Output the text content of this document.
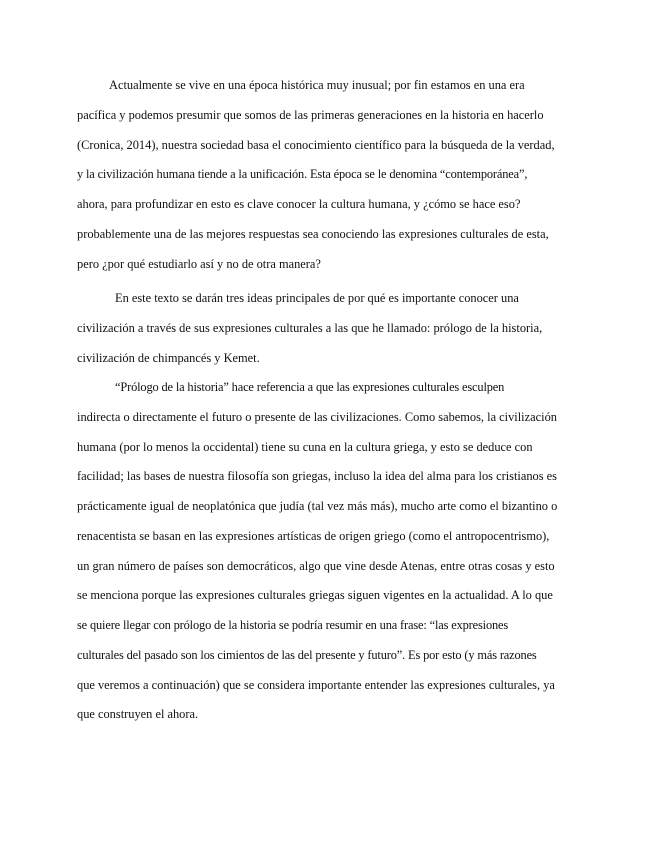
Actualmente se vive en una época histórica muy inusual; por fin estamos en una era
pacífica y podemos presumir que somos de las primeras generaciones en la historia en hacerlo
(Cronica, 2014), nuestra sociedad basa el conocimiento científico para la búsqueda de la verdad,
y la civilización humana tiende a la unificación. Esta época se le denomina “contemporánea”,
ahora, para profundizar en esto es clave conocer la cultura humana, y ¿cómo se hace eso?
probablemente una de las mejores respuestas sea conociendo las expresiones culturales de esta,
pero ¿por qué estudiarlo así y no de otra manera?
En este texto se darán tres ideas principales de por qué es importante conocer una
civilización a través de sus expresiones culturales a las que he llamado: prólogo de la historia,
civilización de chimpancés y Kemet.
“Prólogo de la historia” hace referencia a que las expresiones culturales esculpen
indirecta o directamente el futuro o presente de las civilizaciones. Como sabemos, la civilización
humana (por lo menos la occidental) tiene su cuna en la cultura griega, y esto se deduce con
facilidad; las bases de nuestra filosofía son griegas, incluso la idea del alma para los cristianos es
prácticamente igual de neoplatónica que judía (tal vez más más), mucho arte como el bizantino o
renacentista se basan en las expresiones artísticas de origen griego (como el antropocentrismo),
un gran número de países son democráticos, algo que vine desde Atenas, entre otras cosas y esto
se menciona porque las expresiones culturales griegas siguen vigentes en la actualidad. A lo que
se quiere llegar con prólogo de la historia se podría resumir en una frase: “las expresiones
culturales del pasado son los cimientos de las del presente y futuro”. Es por esto (y más razones
que veremos a continuación) que se considera importante entender las expresiones culturales, ya
que construyen el ahora.
